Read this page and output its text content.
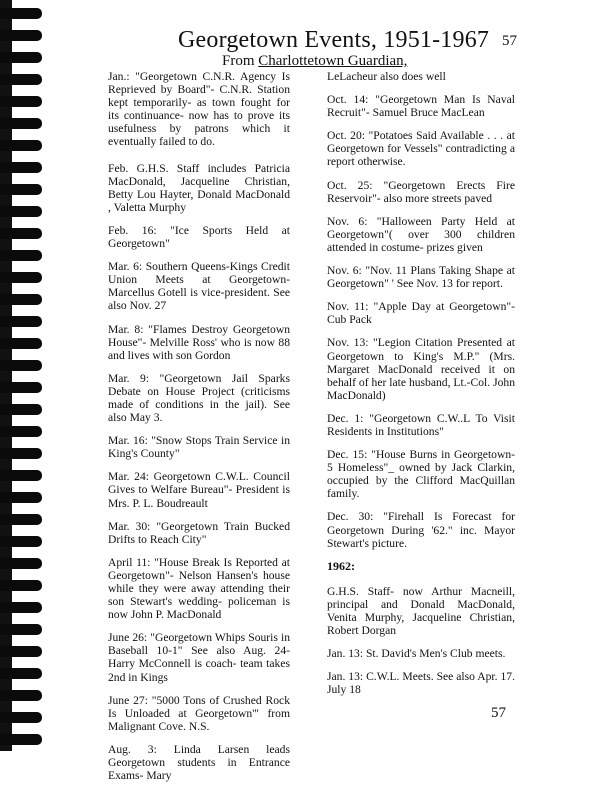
Georgetown Events, 1951-1967
From Charlottetown Guardian,
57

Jan.: "Georgetown C.N.R. Agency Is Reprieved by Board"- C.N.R. Station kept temporarily- as town fought for its continuance- now has to prove its usefulness by patrons which it eventually failed to do.

Feb. G.H.S. Staff includes Patricia MacDonald, Jacqueline Christian, Betty Lou Hayter, Donald MacDonald , Valetta Murphy

Feb. 16: "Ice Sports Held at Georgetown"

Mar. 6: Southern Queens-Kings Credit Union Meets at Georgetown- Marcellus Gotell is vice-president. See also Nov. 27

Mar. 8: "Flames Destroy Georgetown House"- Melville Ross' who is now 88 and lives with son Gordon

Mar. 9: "Georgetown Jail Sparks Debate on House Project (criticisms made of conditions in the jail). See also May 3.

Mar. 16: "Snow Stops Train Service in King's County"

Mar. 24: Georgetown C.W.L. Council Gives to Welfare Bureau"- President is Mrs. P. L. Boudreault

Mar. 30: "Georgetown Train Bucked Drifts to Reach City"

April 11: "House Break Is Reported at Georgetown"- Nelson Hansen's house while they were away attending their son Stewart's wedding- policeman is now John P. MacDonald

June 26: "Georgetown Whips Souris in Baseball 10-1" See also Aug. 24- Harry McConnell is coach- team takes 2nd in Kings

June 27: "5000 Tons of Crushed Rock Is Unloaded at Georgetown'" from Malignant Cove. N.S.

Aug. 3: Linda Larsen leads Georgetown students in Entrance Exams- Mary

LeLacheur also does well

Oct. 14: "Georgetown Man Is Naval Recruit"- Samuel Bruce MacLean

Oct. 20: "Potatoes Said Available . . . at Georgetown for Vessels" contradicting a report otherwise.

Oct. 25: "Georgetown Erects Fire Reservoir"- also more streets paved

Nov. 6: "Halloween Party Held at Georgetown"( over 300 children attended in costume- prizes given

Nov. 6: "Nov. 11 Plans Taking Shape at Georgetown" ' See Nov. 13 for report.

Nov. 11: "Apple Day at Georgetown"- Cub Pack

Nov. 13: "Legion Citation Presented at Georgetown to King's M.P." (Mrs. Margaret MacDonald received it on behalf of her late husband, Lt.-Col. John MacDonald)

Dec. 1: "Georgetown C.W..L To Visit Residents in Institutions"

Dec. 15: "House Burns in Georgetown-5 Homeless"_ owned by Jack Clarkin, occupied by the Clifford MacQuillan family.

Dec. 30: "Firehall Is Forecast for Georgetown During '62." inc. Mayor Stewart's picture.

1962:

G.H.S. Staff- now Arthur Macneill, principal and Donald MacDonald, Venita Murphy, Jacqueline Christian, Robert Dorgan

Jan. 13: St. David's Men's Club meets.

Jan. 13: C.W.L. Meets. See also Apr. 17. July 18

57
